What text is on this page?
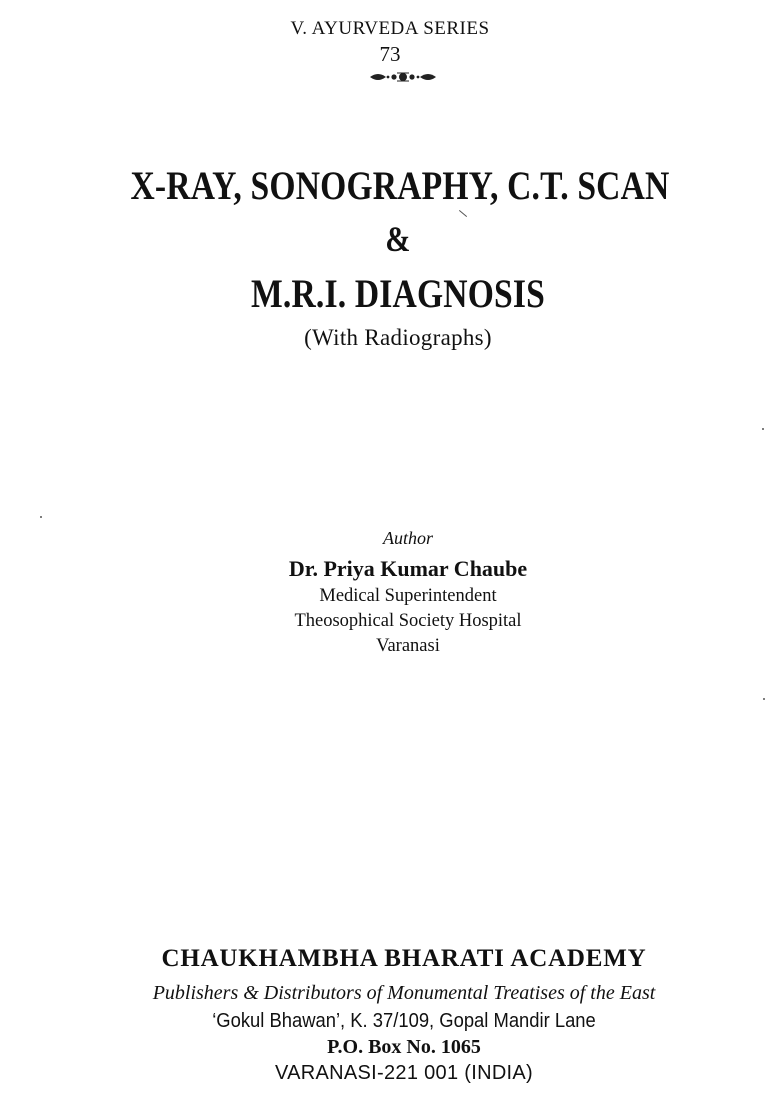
V. AYURVEDA SERIES
73
X-RAY, SONOGRAPHY, C.T. SCAN
&
M.R.I. DIAGNOSIS
(With Radiographs)
Author
Dr. Priya Kumar Chaube
Medical Superintendent
Theosophical Society Hospital
Varanasi
CHAUKHAMBHA BHARATI ACADEMY
Publishers & Distributors of Monumental Treatises of the East
‘Gokul Bhawan’, K. 37/109, Gopal Mandir Lane
P.O. Box No. 1065
VARANASI-221 001 (INDIA)
